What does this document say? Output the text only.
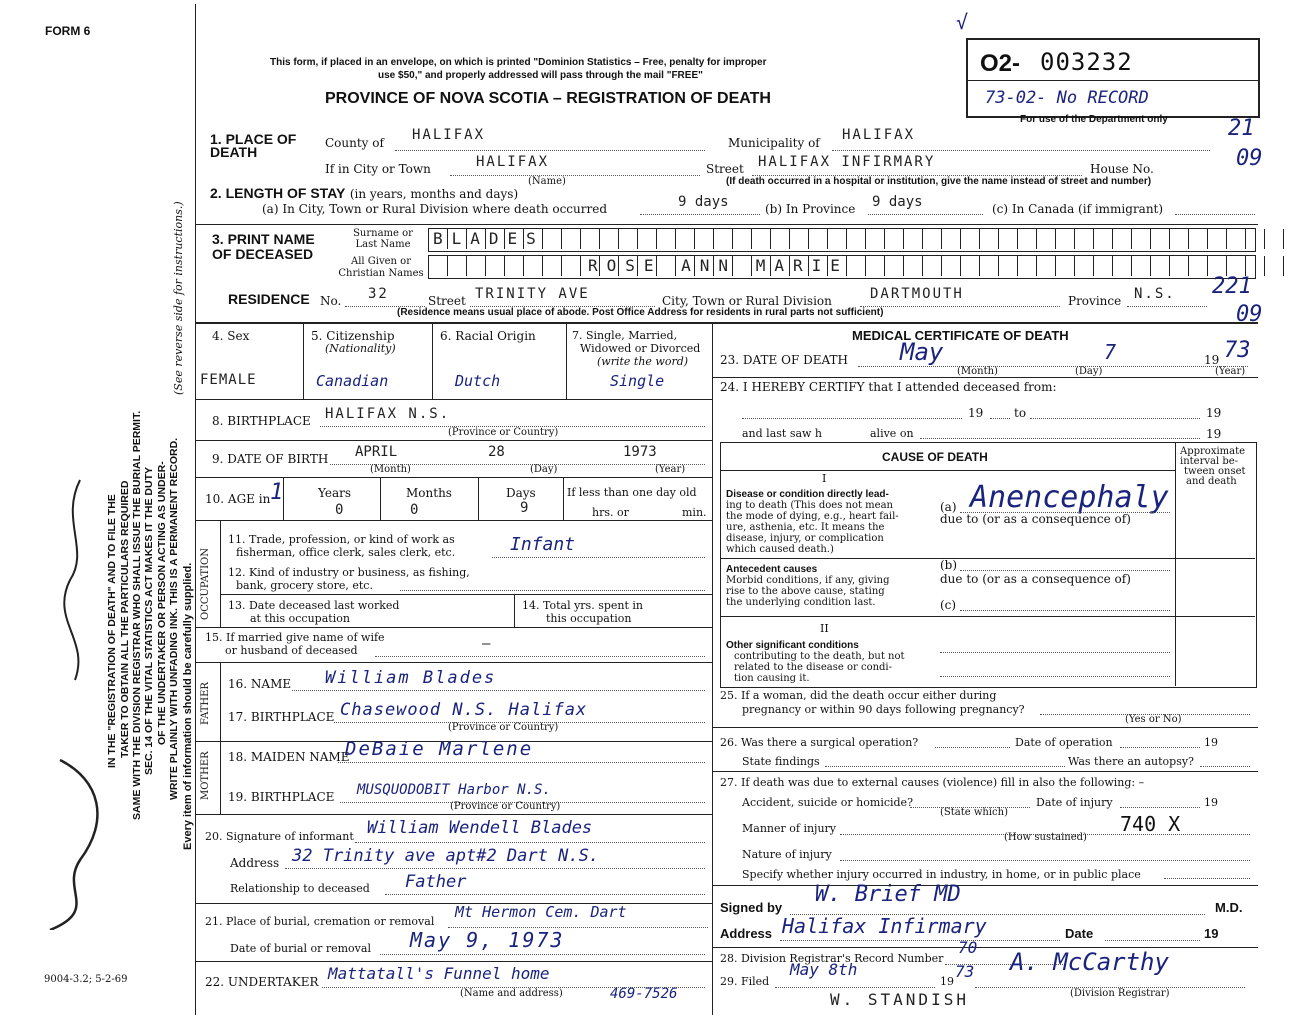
FORM 6
SEC. 14 OF THE VITAL STATISTICS ACT MAKES IT THE DUTY OF THE UNDERTAKER OR PERSON ACTING AS UNDER-
TAKER TO OBTAIN ALL THE PARTICULARS REQUIRED
IN THE "REGISTRATION OF DEATH" AND TO FILE THE SAME WITH THE DIVISION REGISTRAR WHO SHALL ISSUE THE BURIAL PERMIT. WRITE PLAINLY WITH UNFADING INK. THIS IS A PERMANENT RECORD. Every item of information should be carefully supplied.
(See reverse side for instructions.)
9004-3.2; 5-2-69
This form, if placed in an envelope, on which is printed "Dominion Statistics – Free, penalty for improper
use $50," and properly addressed will pass through the mail "FREE"
PROVINCE OF NOVA SCOTIA – REGISTRATION OF DEATH
√
O2- 003232
73-02- No RECORD
For use of the Department only	21
09
1. PLACE OF DEATH
County of HALIFAX	Municipality of HALIFAX
If in City or Town	HALIFAX
(Name)
Street HALIFAX INFIRMARY	House No.
(If death occurred in a hospital or institution, give the name instead of street and number)
2. LENGTH OF STAY (in years, months and days)
(a) In City, Town or Rural Division where death occurred	9 days	(b) In Province 9 days	(c) In Canada (if immigrant)
3. PRINT NAME OF DECEASED
Surname or Last Name	BLADES
All Given or Christian Names	ROSE ANN MARIE
RESIDENCE No. 32	Street TRINITY AVE	City, Town or Rural Division	DARTMOUTH	Province N.S.
(Residence means usual place of abode. Post Office Address for residents in rural parts not sufficient)
221
09
4. Sex
FEMALE
5. Citizenship
(Nationality)
Canadian
6. Racial Origin
Dutch
7. Single, Married,
Widowed or Divorced
(write the word)
Single
8. BIRTHPLACE HALIFAX N.S.
(Province or Country)
9. DATE OF BIRTH APRIL	28	1973
(Month)	(Day)	(Year)
10. AGE in 1	Years
0
Months
0
Days
9
If less than one day old
hrs. or	min.
OCCUPATION
11. Trade, profession, or kind of work as
fisherman, office clerk, sales clerk, etc.	Infant
12. Kind of industry or business, as fishing,
bank, grocery store, etc.
13. Date deceased last worked
at this occupation
14. Total yrs. spent in
this occupation
15. If married give name of wife
or husband of deceased	–
FATHER 16. NAME William Blades
17. BIRTHPLACE Chasewood N.S. Halifax
(Province or Country)
MOTHER 18. MAIDEN NAME
DeBaie Marlene
19. BIRTHPLACE MUSQUODOBIT Harbor N.S.
(Province or Country)
20. Signature of informant William Wendell Blades
Address 32 Trinity ave apt#2 Dart N.S.
Relationship to deceased Father
21. Place of burial, cremation or removal
Mt Hermon Cem. Dart
Date of burial or removal May 9, 1973
22. UNDERTAKER Mattatall's Funnel home
(Name and address)	469-7526
MEDICAL CERTIFICATE OF DEATH
23. DATE OF DEATH May	7	19 73
(Month)	(Day)	(Year)
24. I HEREBY CERTIFY that I attended deceased from:
19	to	19
and last saw h	alive on	19
CAUSE OF DEATH	Approximate
interval be-
tween onset
and death
I
Disease or condition directly lead-
ing to death (This does not mean
the mode of dying, e.g., heart fail-
ure, asthenia, etc. It means the
disease, injury, or complication
which caused death.)
(a) Anencephaly
due to (or as a consequence of)
Antecedent causes
Morbid conditions, if any, giving
rise to the above cause, stating
the underlying condition last.
(b)
due to (or as a consequence of)
(c)
II
Other significant conditions
contributing to the death, but not
related to the disease or condi-
tion causing it.
25. If a woman, did the death occur either during
pregnancy or within 90 days following pregnancy?
(Yes or No)
26. Was there a surgical operation?	Date of operation	19
State findings	Was there an autopsy?
27. If death was due to external causes (violence) fill in also the following: –
Accident, suicide or homicide?	Date of injury	19
(State which)
Manner of injury	740 X
(How sustained)
Nature of injury
Specify whether injury occurred in industry, in home, or in public place
Signed by
W. Brief MD
M.D.
Address Halifax Infirmary	Date	19
28. Division Registrar's Record Number
70
29. Filed
May 8th
19
73 A. McCarthy
(Division Registrar)
W. STANDISH
